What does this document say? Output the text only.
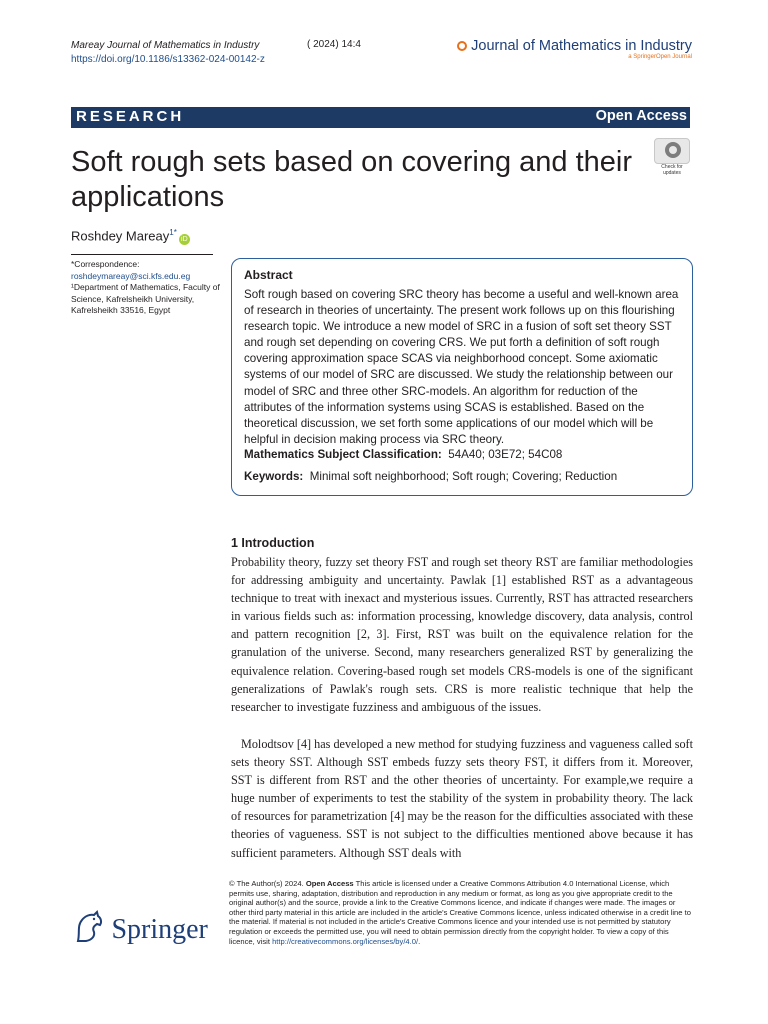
Mareay Journal of Mathematics in Industry
https://doi.org/10.1186/s13362-024-00142-z
( 2024) 14:4	Journal of Mathematics in Industry
a SpringerOpen Journal
RESEARCH	Open Access
Soft rough sets based on covering and their applications
Check for updates
Roshdey Mareay$^{1*}$iD
*Correspondence:
roshdeymareay@sci.kfs.edu.eg
¹Department of Mathematics, Faculty of Science, Kafrelsheikh University, Kafrelsheikh 33516, Egypt
Abstract
Soft rough based on covering SRC theory has become a useful and well-known area of research in theories of uncertainty. The present work follows up on this flourishing research topic. We introduce a new model of SRC in a fusion of soft set theory SST and rough set depending on covering CRS. We put forth a definition of soft rough covering approximation space SCAS via neighborhood concept. Some axiomatic systems of our model of SRC are discussed. We study the relationship between our model of SRC and three other SRC-models. An algorithm for reduction of the attributes of the information systems using SCAS is established. Based on the theoretical discussion, we set forth some applications of our model which will be helpful in decision making process via SRC theory.
Mathematics Subject Classification: 54A40; 03E72; 54C08
Keywords: Minimal soft neighborhood; Soft rough; Covering; Reduction
1 Introduction
Probability theory, fuzzy set theory FST and rough set theory RST are familiar methodologies for addressing ambiguity and uncertainty. Pawlak [1] established RST as a advantageous technique to treat with inexact and mysterious issues. Currently, RST has attracted researchers in various fields such as: information processing, knowledge discovery, data analysis, control and pattern recognition [2, 3]. First, RST was built on the equivalence relation for the granulation of the universe. Second, many researchers generalized RST by generalizing the equivalence relation. Covering-based rough set models CRS-models is one of the significant generalizations of Pawlak's rough sets. CRS is more realistic technique that help the researcher to investigate fuzziness and ambiguous of the issues.
Molodtsov [4] has developed a new method for studying fuzziness and vagueness called soft sets theory SST. Although SST embeds fuzzy sets theory FST, it differs from it. Moreover, SST is different from RST and the other theories of uncertainty. For example,we require a huge number of experiments to test the stability of the system in probability theory. The lack of resources for parametrization [4] may be the reason for the difficulties associated with these theories of vagueness. SST is not subject to the difficulties mentioned above because it has sufficient parameters. Although SST deals with
© The Author(s) 2024. Open Access This article is licensed under a Creative Commons Attribution 4.0 International License, which permits use, sharing, adaptation, distribution and reproduction in any medium or format, as long as you give appropriate credit to the original author(s) and the source, provide a link to the Creative Commons licence, and indicate if changes were made. The images or other third party material in this article are included in the article's Creative Commons licence, unless indicated otherwise in a credit line to the material. If material is not included in the article's Creative Commons licence and your intended use is not permitted by statutory regulation or exceeds the permitted use, you will need to obtain permission directly from the copyright holder. To view a copy of this licence, visit http://creativecommons.org/licenses/by/4.0/.
Springer
